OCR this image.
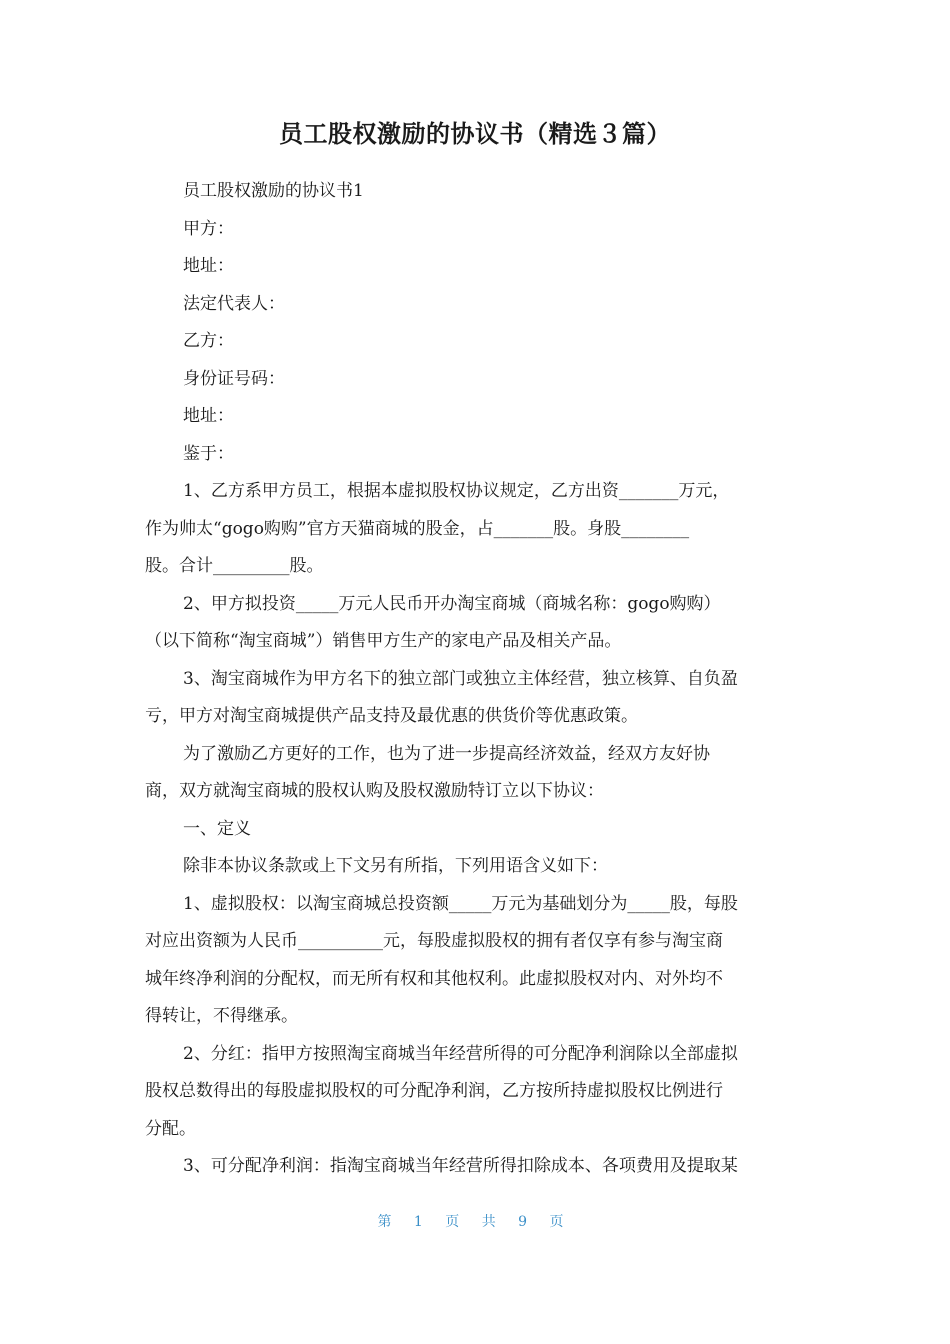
员工股权激励的协议书（精选３篇）
员工股权激励的协议书1
甲方：
地址：
法定代表人：
乙方：
身份证号码：
地址：
鉴于：
1、乙方系甲方员工，根据本虚拟股权协议规定，乙方出资_______万元，
作为帅太“gogo购购”官方天猫商城的股金，占_______股。身股________
股。合计_________股。
2、甲方拟投资_____万元人民币开办淘宝商城（商城名称：gogo购购）
（以下简称“淘宝商城”）销售甲方生产的家电产品及相关产品。
3、淘宝商城作为甲方名下的独立部门或独立主体经营，独立核算、自负盈
亏，甲方对淘宝商城提供产品支持及最优惠的供货价等优惠政策。
为了激励乙方更好的工作，也为了进一步提高经济效益，经双方友好协
商，双方就淘宝商城的股权认购及股权激励特订立以下协议：
一、定义
除非本协议条款或上下文另有所指，下列用语含义如下：
1、虚拟股权：以淘宝商城总投资额_____万元为基础划分为_____股，每股
对应出资额为人民币__________元，每股虚拟股权的拥有者仅享有参与淘宝商
城年终净利润的分配权，而无所有权和其他权利。此虚拟股权对内、对外均不
得转让，不得继承。
2、分红：指甲方按照淘宝商城当年经营所得的可分配净利润除以全部虚拟
股权总数得出的每股虚拟股权的可分配净利润，乙方按所持虚拟股权比例进行
分配。
3、可分配净利润：指淘宝商城当年经营所得扣除成本、各项费用及提取某
第 1 页 共 9 页
